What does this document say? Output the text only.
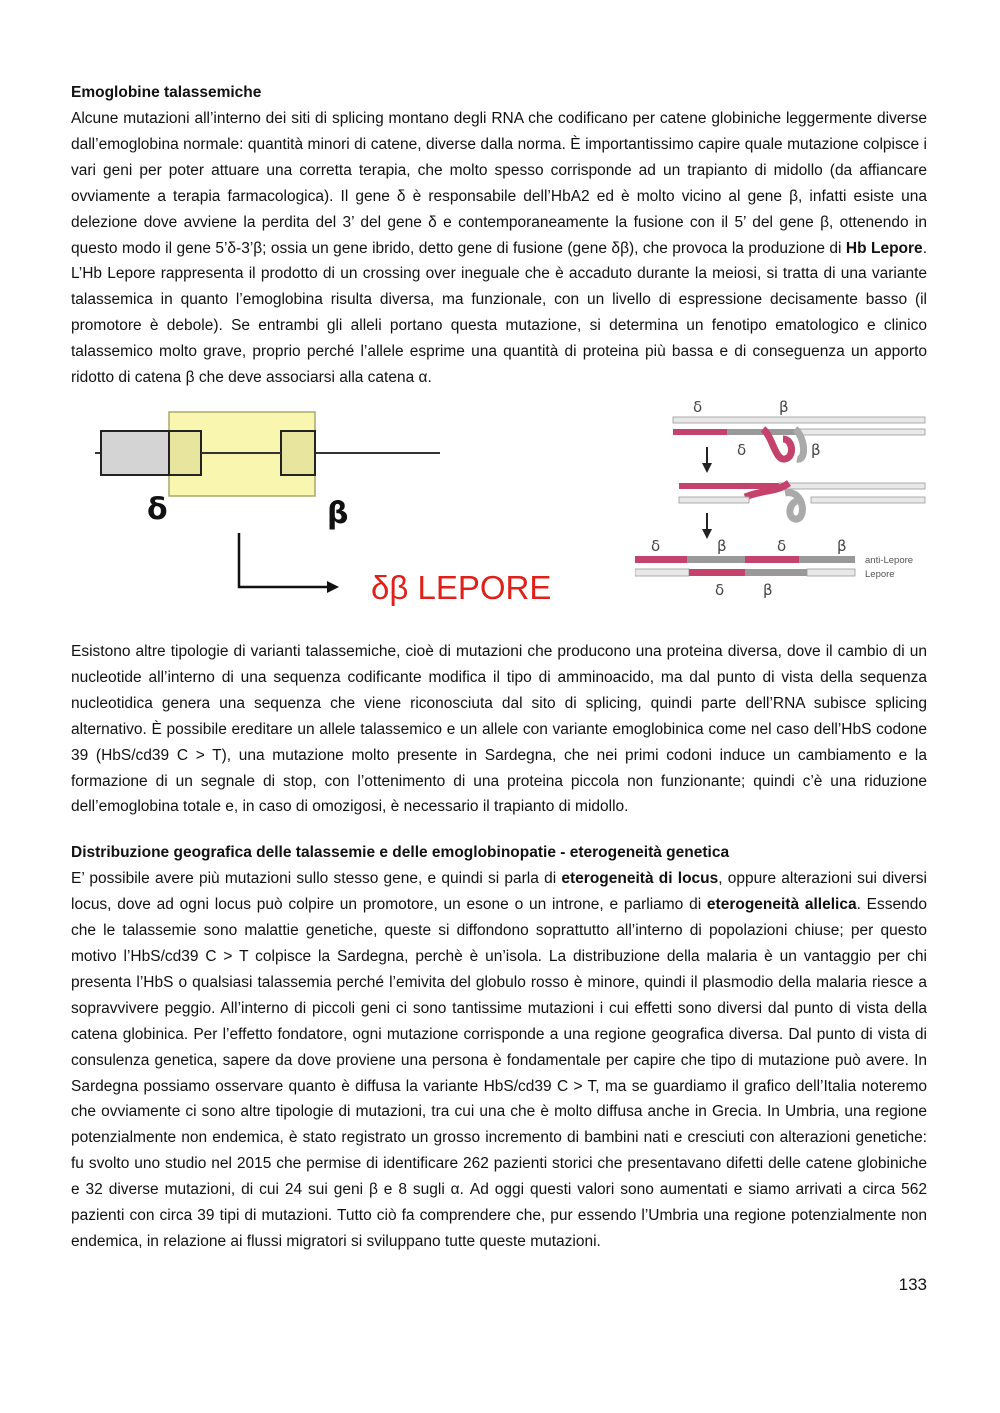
Emoglobine talassemiche

Alcune mutazioni all’interno dei siti di splicing montano degli RNA che codificano per catene globiniche leggermente diverse dall’emoglobina normale: quantità minori di catene, diverse dalla norma. È importantissimo capire quale mutazione colpisce i vari geni per poter attuare una corretta terapia, che molto spesso corrisponde ad un trapianto di midollo (da affiancare ovviamente a terapia farmacologica). Il gene δ è responsabile dell’HbA2 ed è molto vicino al gene β, infatti esiste una delezione dove avviene la perdita del 3’ del gene δ e contemporaneamente la fusione con il 5’ del gene β, ottenendo in questo modo il gene 5’δ-3’β; ossia un gene ibrido, detto gene di fusione (gene δβ), che provoca la produzione di Hb Lepore. L’Hb Lepore rappresenta il prodotto di un crossing over ineguale che è accaduto durante la meiosi, si tratta di una variante talassemica in quanto l’emoglobina risulta diversa, ma funzionale, con un livello di espressione decisamente basso (il promotore è debole). Se entrambi gli alleli portano questa mutazione, si determina un fenotipo ematologico e clinico talassemico molto grave, proprio perché l’allele esprime una quantità di proteina più bassa e di conseguenza un apporto ridotto di catena β che deve associarsi alla catena α.

δ	β
δβ LEPORE
δ	β
δ	β
δ	β	δ	β
anti-Lepore
Lepore
δ	β

Esistono altre tipologie di varianti talassemiche, cioè di mutazioni che producono una proteina diversa, dove il cambio di un nucleotide all’interno di una sequenza codificante modifica il tipo di amminoacido, ma dal punto di vista della sequenza nucleotidica genera una sequenza che viene riconosciuta dal sito di splicing, quindi parte dell’RNA subisce splicing alternativo. È possibile ereditare un allele talassemico e un allele con variante emoglobinica come nel caso dell’HbS codone 39 (HbS/cd39 C > T), una mutazione molto presente in Sardegna, che nei primi codoni induce un cambiamento e la formazione di un segnale di stop, con l’ottenimento di una proteina piccola non funzionante; quindi c’è una riduzione dell’emoglobina totale e, in caso di omozigosi, è necessario il trapianto di midollo.

Distribuzione geografica delle talassemie e delle emoglobinopatie - eterogeneità genetica

E’ possibile avere più mutazioni sullo stesso gene, e quindi si parla di eterogeneità di locus, oppure alterazioni sui diversi locus, dove ad ogni locus può colpire un promotore, un esone o un introne, e parliamo di eterogeneità allelica. Essendo che le talassemie sono malattie genetiche, queste si diffondono soprattutto all’interno di popolazioni chiuse; per questo motivo l’HbS/cd39 C > T colpisce la Sardegna, perchè è un’isola. La distribuzione della malaria è un vantaggio per chi presenta l’HbS o qualsiasi talassemia perché l’emivita del globulo rosso è minore, quindi il plasmodio della malaria riesce a sopravvivere peggio. All’interno di piccoli geni ci sono tantissime mutazioni i cui effetti sono diversi dal punto di vista della catena globinica. Per l’effetto fondatore, ogni mutazione corrisponde a una regione geografica diversa. Dal punto di vista di consulenza genetica, sapere da dove proviene una persona è fondamentale per capire che tipo di mutazione può avere. In Sardegna possiamo osservare quanto è diffusa la variante HbS/cd39 C > T, ma se guardiamo il grafico dell’Italia noteremo che ovviamente ci sono altre tipologie di mutazioni, tra cui una che è molto diffusa anche in Grecia. In Umbria, una regione potenzialmente non endemica, è stato registrato un grosso incremento di bambini nati e cresciuti con alterazioni genetiche: fu svolto uno studio nel 2015 che permise di identificare 262 pazienti storici che presentavano difetti delle catene globiniche e 32 diverse mutazioni, di cui 24 sui geni β e 8 sugli α. Ad oggi questi valori sono aumentati e siamo arrivati a circa 562 pazienti con circa 39 tipi di mutazioni. Tutto ciò fa comprendere che, pur essendo l’Umbria una regione potenzialmente non endemica, in relazione ai flussi migratori si sviluppano tutte queste mutazioni.

133
